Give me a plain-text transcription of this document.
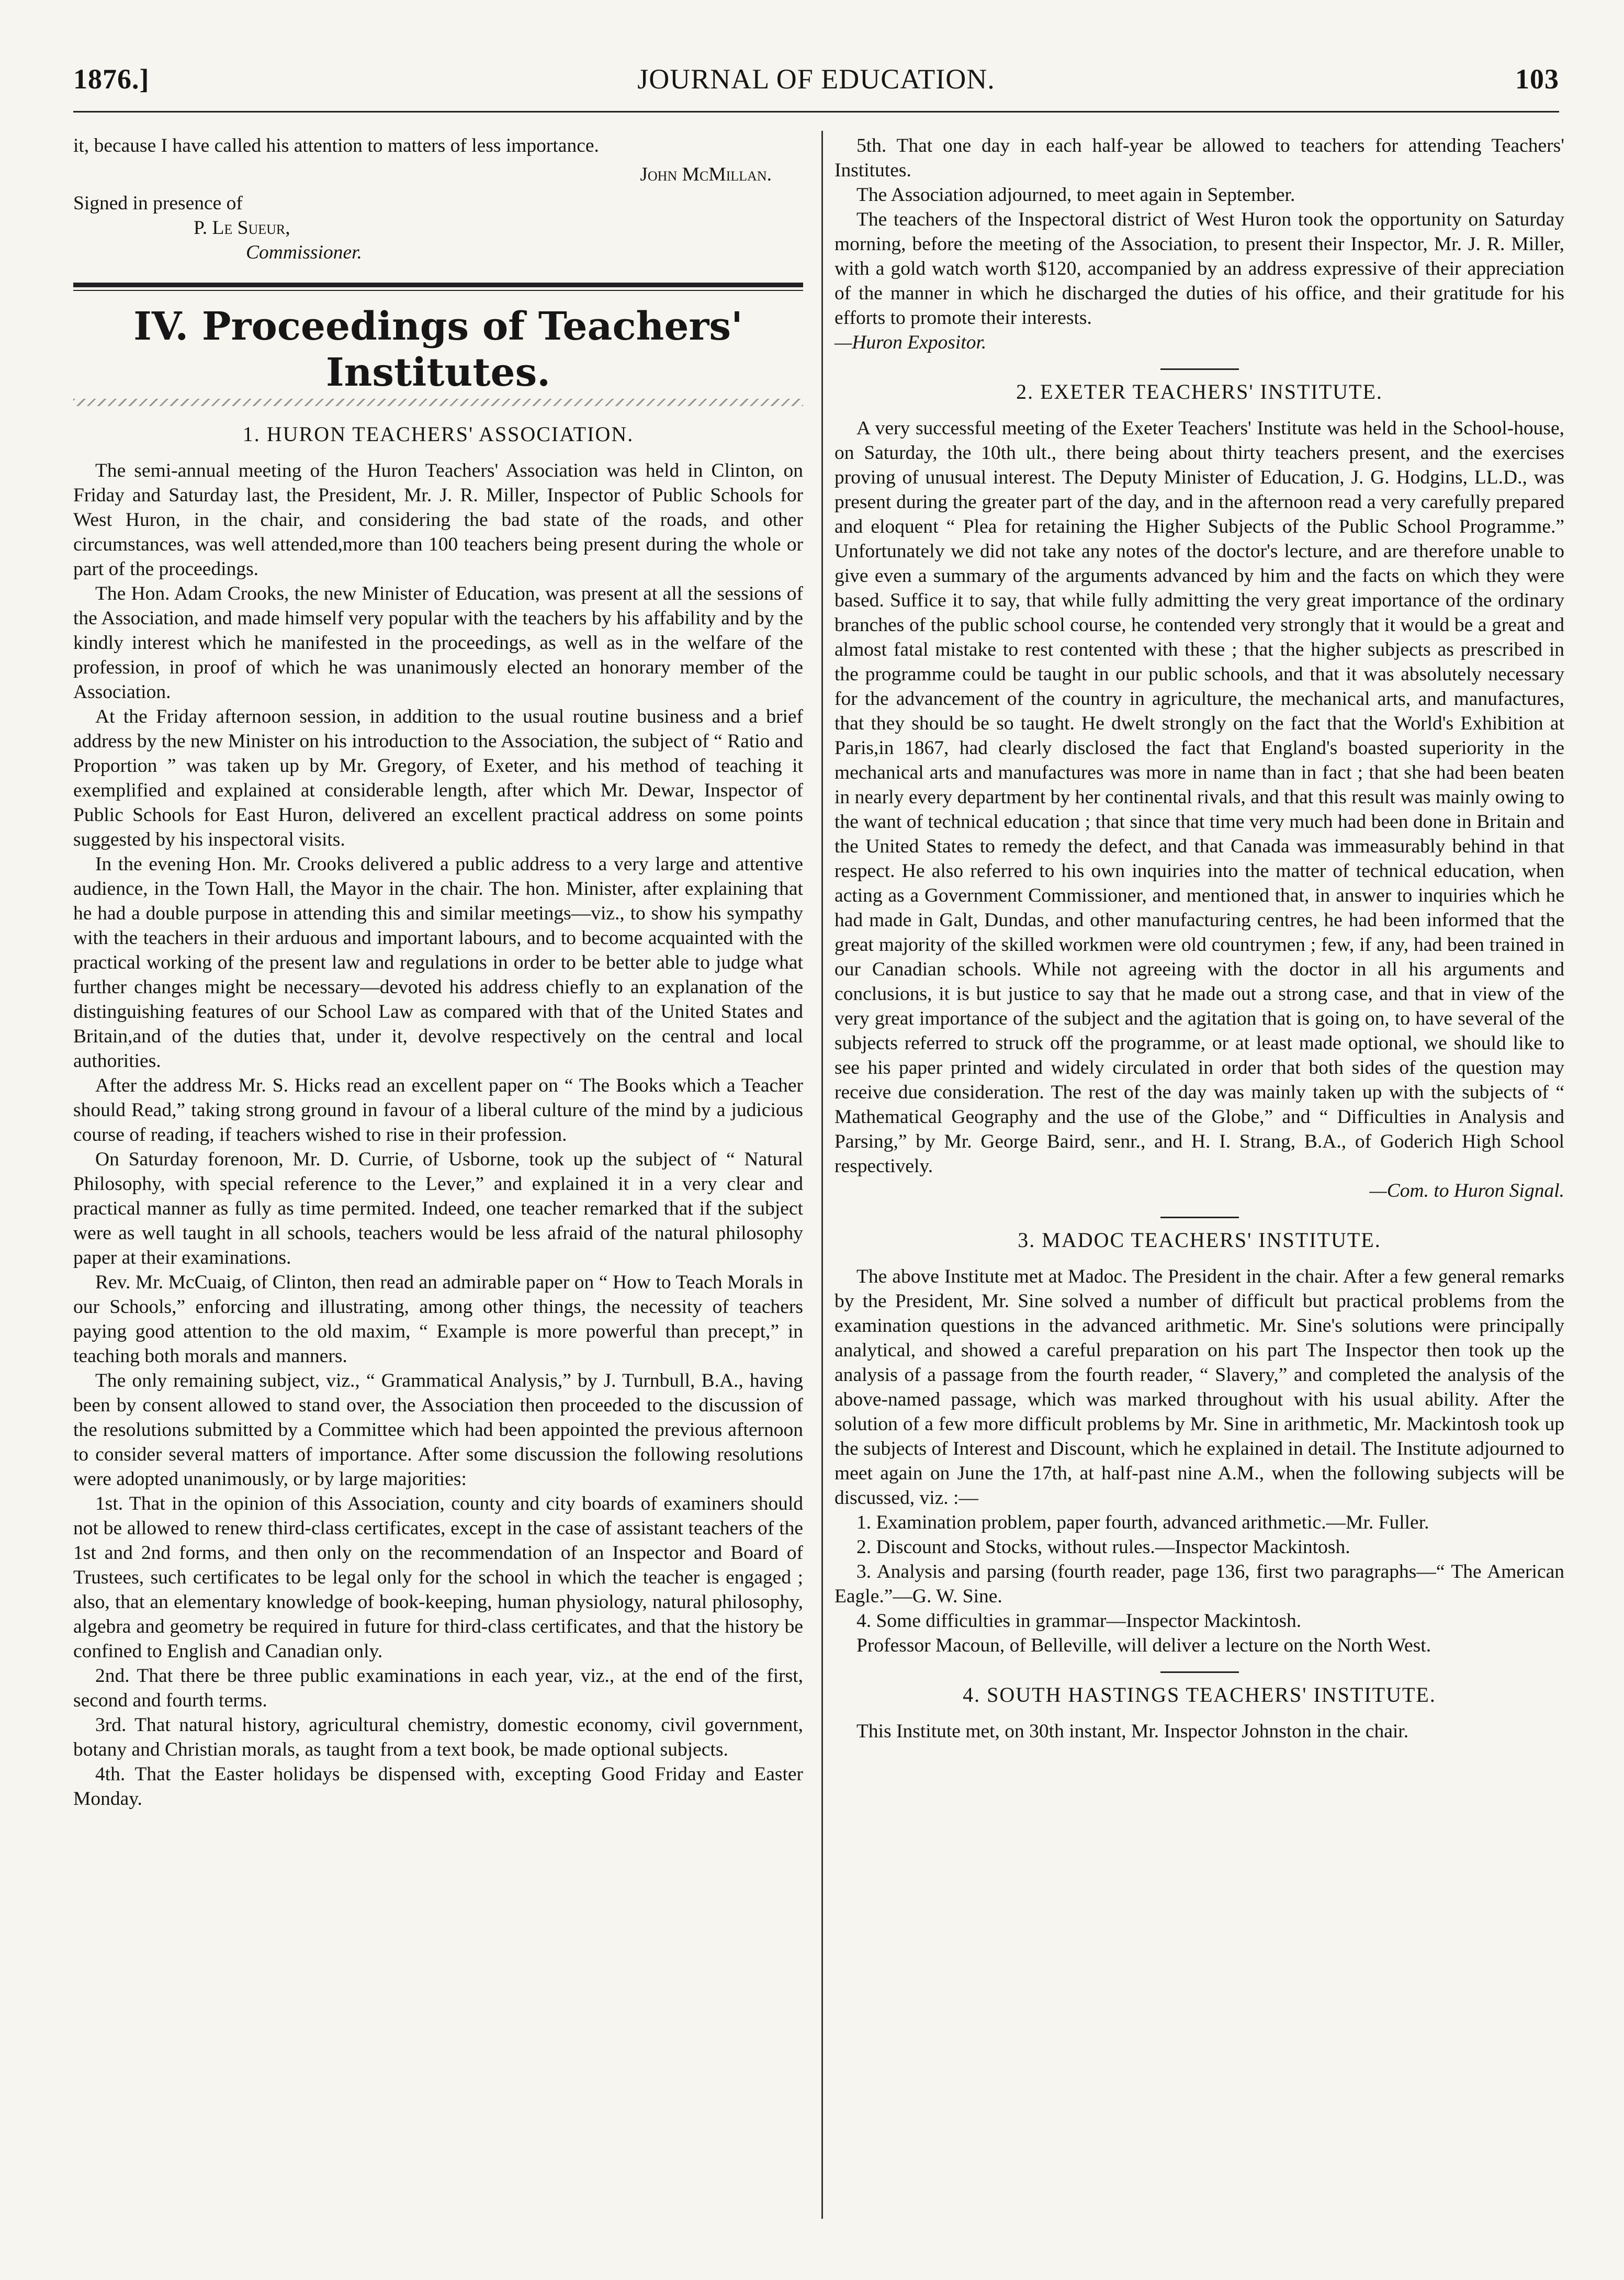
JOURNAL OF EDUCATION.
1876.]	103

it, because I have called his attention to matters of less importance.

John McMillan.

Signed in presence of

P. Le Sueur,
Commissioner.
IV. Proceedings of Teachers' Institutes.
1. HURON TEACHERS' ASSOCIATION.

The semi-annual meeting of the Huron Teachers' Association was held in Clinton, on Friday and Saturday last, the President, Mr. J. R. Miller, Inspector of Public Schools for West Huron, in the chair, and considering the bad state of the roads, and other circumstances, was well attended,more than 100 teachers being present during the whole or part of the proceedings.

The Hon. Adam Crooks, the new Minister of Education, was present at all the sessions of the Association, and made himself very popular with the teachers by his affability and by the kindly interest which he manifested in the proceedings, as well as in the welfare of the profession, in proof of which he was unanimously elected an honorary member of the Association.

At the Friday afternoon session, in addition to the usual routine business and a brief address by the new Minister on his introduction to the Association, the subject of “ Ratio and Proportion ” was taken up by Mr. Gregory, of Exeter, and his method of teaching it exemplified and explained at considerable length, after which Mr. Dewar, Inspector of Public Schools for East Huron, delivered an excellent practical address on some points suggested by his inspectoral visits.

In the evening Hon. Mr. Crooks delivered a public address to a very large and attentive audience, in the Town Hall, the Mayor in the chair. The hon. Minister, after explaining that he had a double purpose in attending this and similar meetings—viz., to show his sympathy with the teachers in their arduous and important labours, and to become acquainted with the practical working of the present law and regulations in order to be better able to judge what further changes might be necessary—devoted his address chiefly to an explanation of the distinguishing features of our School Law as compared with that of the United States and Britain,and of the duties that, under it, devolve respectively on the central and local authorities.

After the address Mr. S. Hicks read an excellent paper on “ The Books which a Teacher should Read,” taking strong ground in favour of a liberal culture of the mind by a judicious course of reading, if teachers wished to rise in their profession.

On Saturday forenoon, Mr. D. Currie, of Usborne, took up the subject of “ Natural Philosophy, with special reference to the Lever,” and explained it in a very clear and practical manner as fully as time permited. Indeed, one teacher remarked that if the subject were as well taught in all schools, teachers would be less afraid of the natural philosophy paper at their examinations.

Rev. Mr. McCuaig, of Clinton, then read an admirable paper on “ How to Teach Morals in our Schools,” enforcing and illustrating, among other things, the necessity of teachers paying good attention to the old maxim, “ Example is more powerful than precept,” in teaching both morals and manners.

The only remaining subject, viz., “ Grammatical Analysis,” by J. Turnbull, B.A., having been by consent allowed to stand over, the Association then proceeded to the discussion of the resolutions submitted by a Committee which had been appointed the previous afternoon to consider several matters of importance. After some discussion the following resolutions were adopted unanimously, or by large majorities:

1st. That in the opinion of this Association, county and city boards of examiners should not be allowed to renew third-class certificates, except in the case of assistant teachers of the 1st and 2nd forms, and then only on the recommendation of an Inspector and Board of Trustees, such certificates to be legal only for the school in which the teacher is engaged ; also, that an elementary knowledge of book-keeping, human physiology, natural philosophy, algebra and geometry be required in future for third-class certificates, and that the history be confined to English and Canadian only.

2nd. That there be three public examinations in each year, viz., at the end of the first, second and fourth terms.

3rd. That natural history, agricultural chemistry, domestic economy, civil government, botany and Christian morals, as taught from a text book, be made optional subjects.

4th. That the Easter holidays be dispensed with, excepting Good Friday and Easter Monday.

5th. That one day in each half-year be allowed to teachers for attending Teachers' Institutes.

The Association adjourned, to meet again in September.

The teachers of the Inspectoral district of West Huron took the opportunity on Saturday morning, before the meeting of the Association, to present their Inspector, Mr. J. R. Miller, with a gold watch worth $120, accompanied by an address expressive of their appreciation of the manner in which he discharged the duties of his office, and their gratitude for his efforts to promote their interests.

—Huron Expositor.

2. EXETER TEACHERS' INSTITUTE.

A very successful meeting of the Exeter Teachers' Institute was held in the School-house, on Saturday, the 10th ult., there being about thirty teachers present, and the exercises proving of unusual interest. The Deputy Minister of Education, J. G. Hodgins, LL.D., was present during the greater part of the day, and in the afternoon read a very carefully prepared and eloquent “ Plea for retaining the Higher Subjects of the Public School Programme.” Unfortunately we did not take any notes of the doctor's lecture, and are therefore unable to give even a summary of the arguments advanced by him and the facts on which they were based. Suffice it to say, that while fully admitting the very great importance of the ordinary branches of the public school course, he contended very strongly that it would be a great and almost fatal mistake to rest contented with these ; that the higher subjects as prescribed in the programme could be taught in our public schools, and that it was absolutely necessary for the advancement of the country in agriculture, the mechanical arts, and manufactures, that they should be so taught. He dwelt strongly on the fact that the World's Exhibition at Paris,in 1867, had clearly disclosed the fact that England's boasted superiority in the mechanical arts and manufactures was more in name than in fact ; that she had been beaten in nearly every department by her continental rivals, and that this result was mainly owing to the want of technical education ; that since that time very much had been done in Britain and the United States to remedy the defect, and that Canada was immeasurably behind in that respect. He also referred to his own inquiries into the matter of technical education, when acting as a Government Commissioner, and mentioned that, in answer to inquiries which he had made in Galt, Dundas, and other manufacturing centres, he had been informed that the great majority of the skilled workmen were old countrymen ; few, if any, had been trained in our Canadian schools. While not agreeing with the doctor in all his arguments and conclusions, it is but justice to say that he made out a strong case, and that in view of the very great importance of the subject and the agitation that is going on, to have several of the subjects referred to struck off the programme, or at least made optional, we should like to see his paper printed and widely circulated in order that both sides of the question may receive due consideration. The rest of the day was mainly taken up with the subjects of “ Mathematical Geography and the use of the Globe,” and “ Difficulties in Analysis and Parsing,” by Mr. George Baird, senr., and H. I. Strang, B.A., of Goderich High School respectively.

—Com. to Huron Signal.

3. MADOC TEACHERS' INSTITUTE.

The above Institute met at Madoc. The President in the chair. After a few general remarks by the President, Mr. Sine solved a number of difficult but practical problems from the examination questions in the advanced arithmetic. Mr. Sine's solutions were principally analytical, and showed a careful preparation on his part The Inspector then took up the analysis of a passage from the fourth reader, “ Slavery,” and completed the analysis of the above-named passage, which was marked throughout with his usual ability. After the solution of a few more difficult problems by Mr. Sine in arithmetic, Mr. Mackintosh took up the subjects of Interest and Discount, which he explained in detail. The Institute adjourned to meet again on June the 17th, at half-past nine A.M., when the following subjects will be discussed, viz. :—

1. Examination problem, paper fourth, advanced arithmetic.—Mr. Fuller.

2. Discount and Stocks, without rules.—Inspector Mackintosh.

3. Analysis and parsing (fourth reader, page 136, first two paragraphs—“ The American Eagle.”—G. W. Sine.

4. Some difficulties in grammar—Inspector Mackintosh.

Professor Macoun, of Belleville, will deliver a lecture on the North West.

4. SOUTH HASTINGS TEACHERS' INSTITUTE.

This Institute met, on 30th instant, Mr. Inspector Johnston in the chair.
